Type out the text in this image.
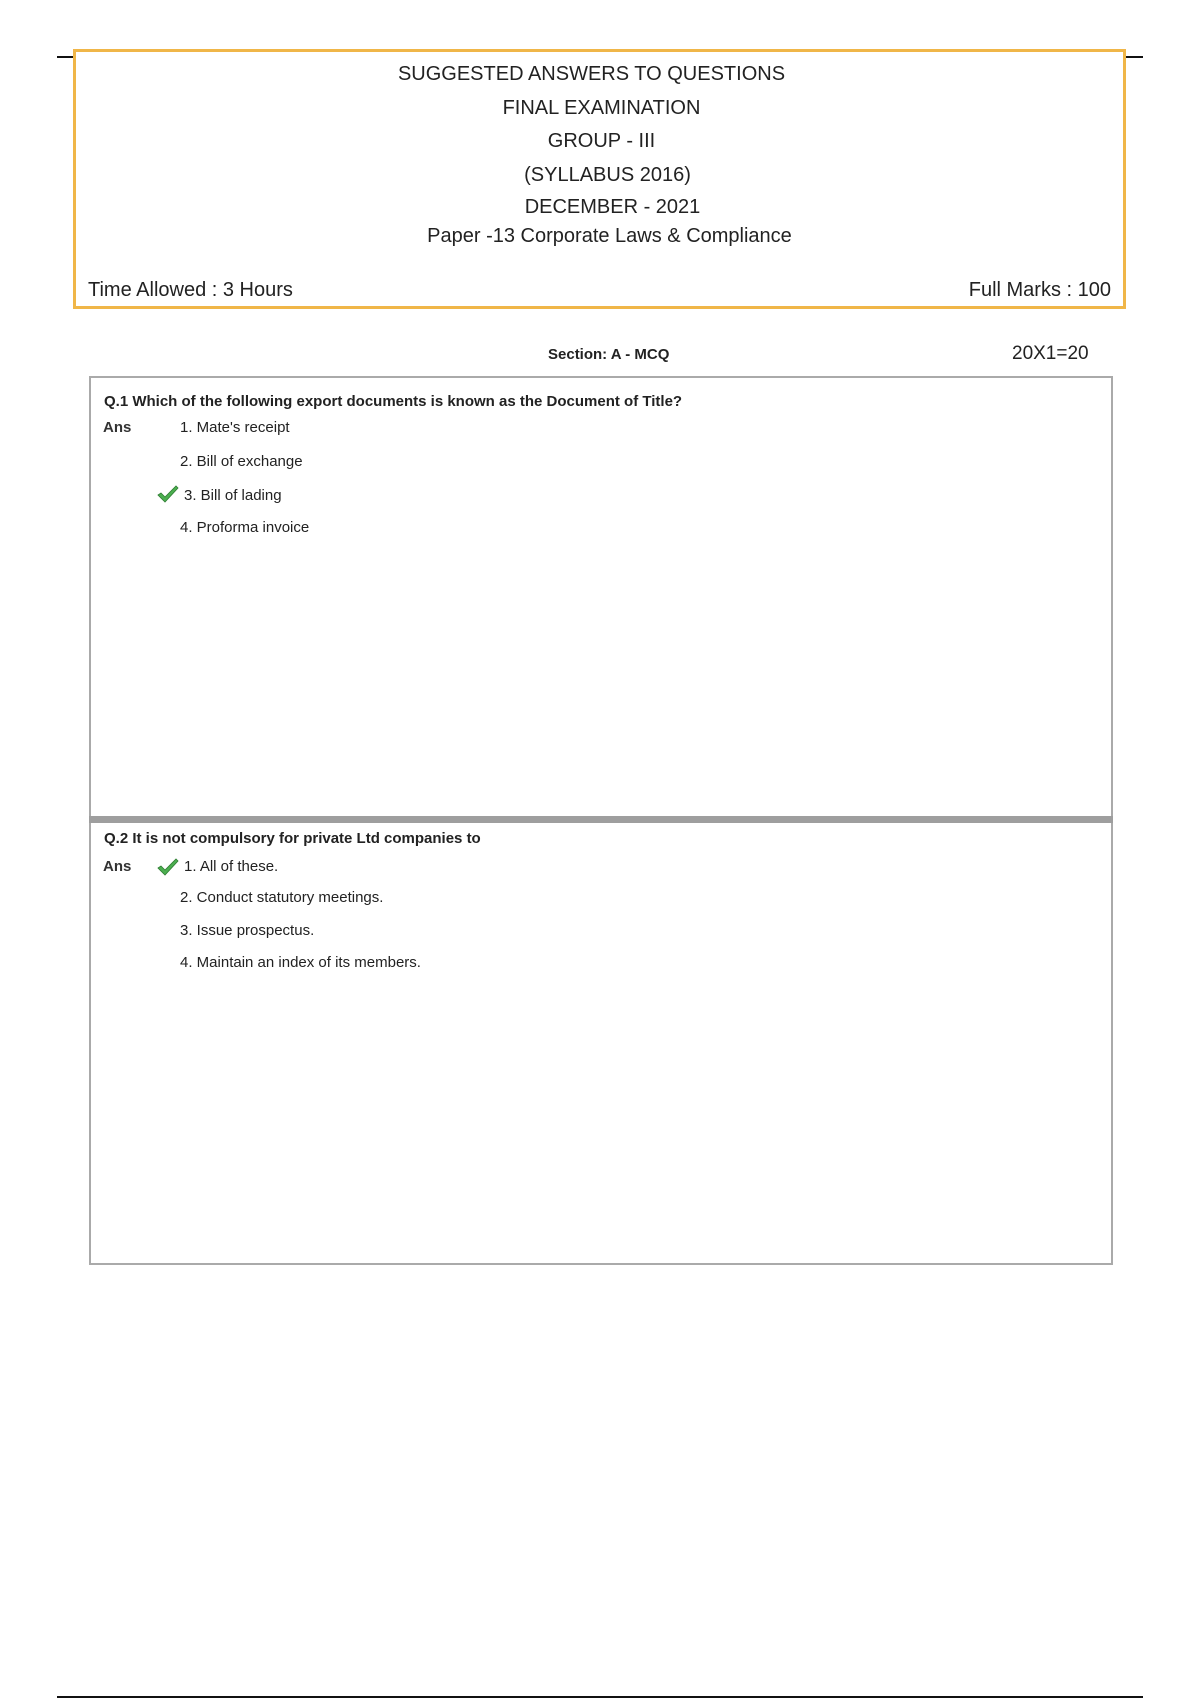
SUGGESTED ANSWERS TO QUESTIONS
FINAL EXAMINATION
GROUP - III
(SYLLABUS 2016)
DECEMBER - 2021
Paper -13 Corporate Laws & Compliance
Time Allowed : 3 Hours	Full Marks : 100
Section: A - MCQ	20X1=20
Q.1 Which of the following export documents is known as the Document of Title?
Ans	1. Mate's receipt
2. Bill of exchange
3. Bill of lading
4. Proforma invoice
Q.2 It is not compulsory for private Ltd companies to
Ans	1. All of these.
2. Conduct statutory meetings.
3. Issue prospectus.
4. Maintain an index of its members.
